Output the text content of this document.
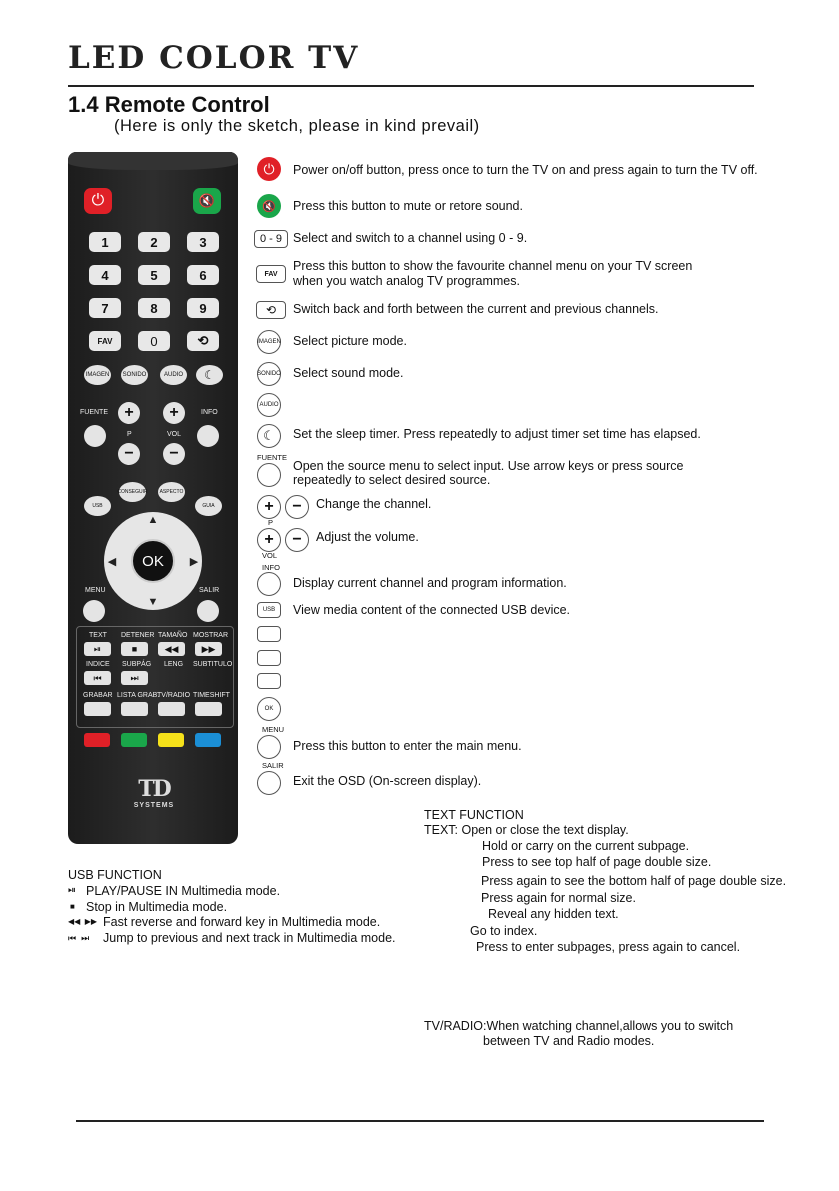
LED COLOR TV
1.4 Remote Control
(Here is only the sketch, please in kind prevail)
⏻	🔇
1	2	3
4	5	6
7	8	9
FAV	0	⟲
IMAGEN SONIDO	AUDIO	☾
FUENTE	INFO
+	+
P	VOL
−	−
USB
CONSEGUIR	ASPECTO
GUIA
▲
▼
◀	▶
OK
MENU	SALIR
TEXT DETENER TAMAÑO MOSTRAR
⏯	■	◀◀	▶▶
INDICE SUBPÁG LENG SUBTITULO
⏮	⏭
GRABAR LISTA GRAB.
TV/RADIO TIMESHIFT
TD
SYSTEMS
⏻	Power on/off button, press once to turn the TV on and press again to turn the TV off.
🔇	Press this button to mute or retore sound.
0 - 9 Select and switch to a channel using 0 - 9.
FAV
Press this button to show the favourite channel menu on your TV screen
when you watch analog TV programmes.
⟲	Switch back and forth between the current and previous channels.
IMAGEN Select picture mode.
SONIDO Select sound mode.
AUDIO
☾	Set the sleep timer. Press repeatedly to adjust timer set time has elapsed.
FUENTE
Open the source menu to select input. Use arrow keys or press source
repeatedly to select desired source.
+	−	Change the channel.
P
+	−	Adjust the volume.
VOL
INFO
Display current channel and program information.
USB	View media content of the connected USB device.
OK
MENU
Press this button to enter the main menu.
SALIR
Exit the OSD (On-screen display).
USB FUNCTION
⏯ PLAY/PAUSE IN Multimedia mode.
■ Stop in Multimedia mode.
◀◀  ▶▶ Fast reverse and forward key in Multimedia mode.
⏮  ⏭ Jump to previous and next track in Multimedia mode.
TEXT FUNCTION
TEXT: Open or close the text display.
Hold or carry on the current subpage.
Press to see top half of page double size.
Press again to see the bottom half of page double size.
Press again for normal size.
Reveal any hidden text.
Go to index.
Press to enter subpages, press again to cancel.
TV/RADIO:When watching channel,allows you to switch
between TV and Radio modes.
